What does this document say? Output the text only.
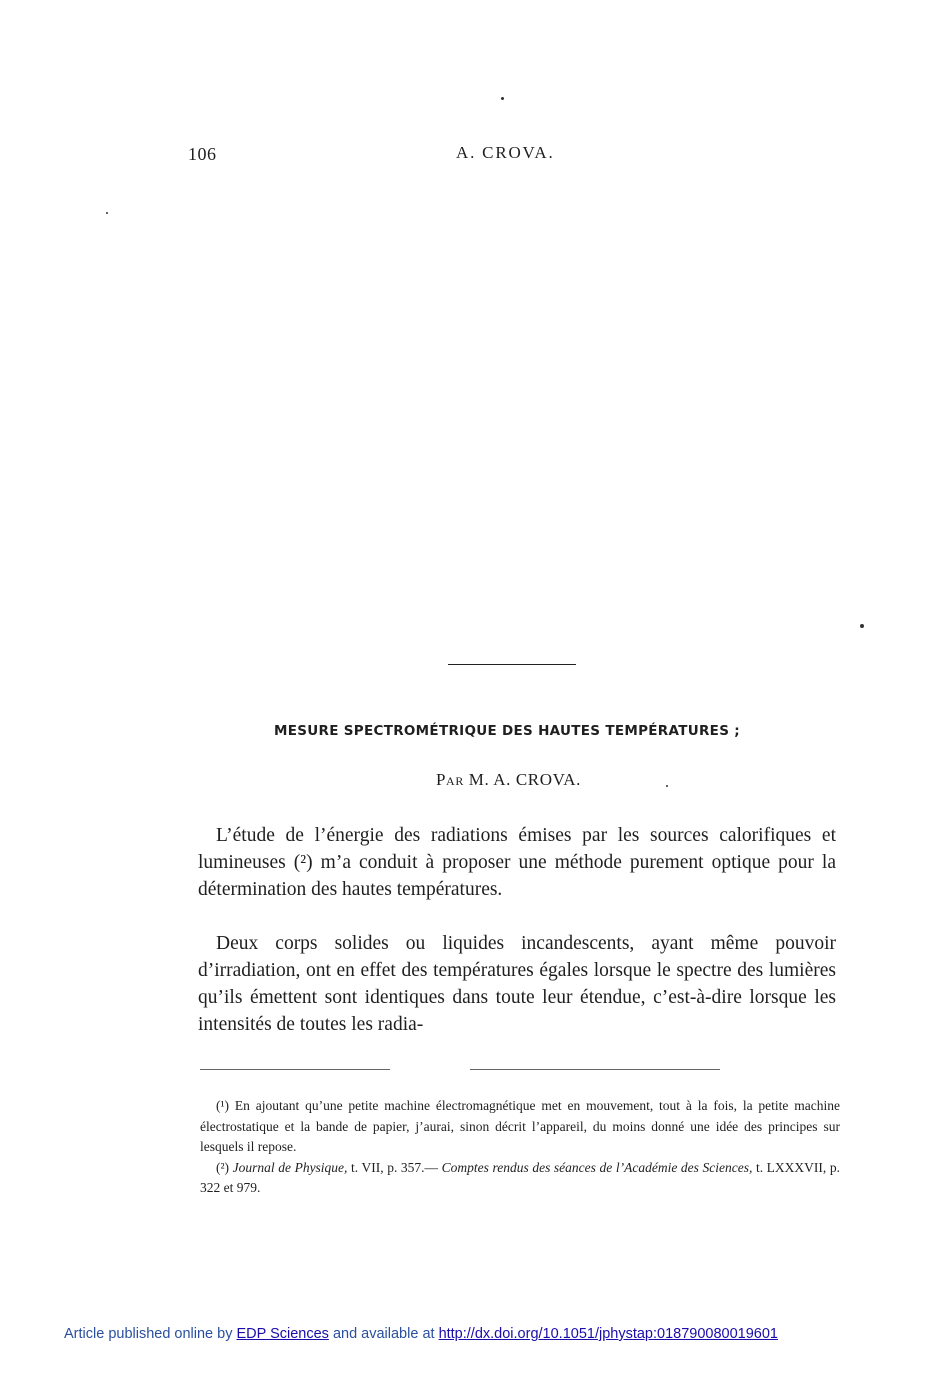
106	A. CROVA.
MESURE SPECTROMÉTRIQUE DES HAUTES TEMPÉRATURES ;
Par M. A. CROVA.

L’étude de l’énergie des radiations émises par les sources calorifiques et lumineuses (²) m’a conduit à proposer une méthode purement optique pour la détermination des hautes températures.

Deux corps solides ou liquides incandescents, ayant même pouvoir d’irradiation, ont en effet des températures égales lorsque le spectre des lumières qu’ils émettent sont identiques dans toute leur étendue, c’est-à-dire lorsque les intensités de toutes les radia-

(¹) En ajoutant qu’une petite machine électromagnétique met en mouvement, tout à la fois, la petite machine électrostatique et la bande de papier, j’aurai, sinon décrit l’appareil, du moins donné une idée des principes sur lesquels il repose.

(²) Journal de Physique, t. VII, p. 357.— Comptes rendus des séances de l’Académie des Sciences, t. LXXXVII, p. 322 et 979.

Article published online by EDP Sciences and available at http://dx.doi.org/10.1051/jphystap:018790080019601
